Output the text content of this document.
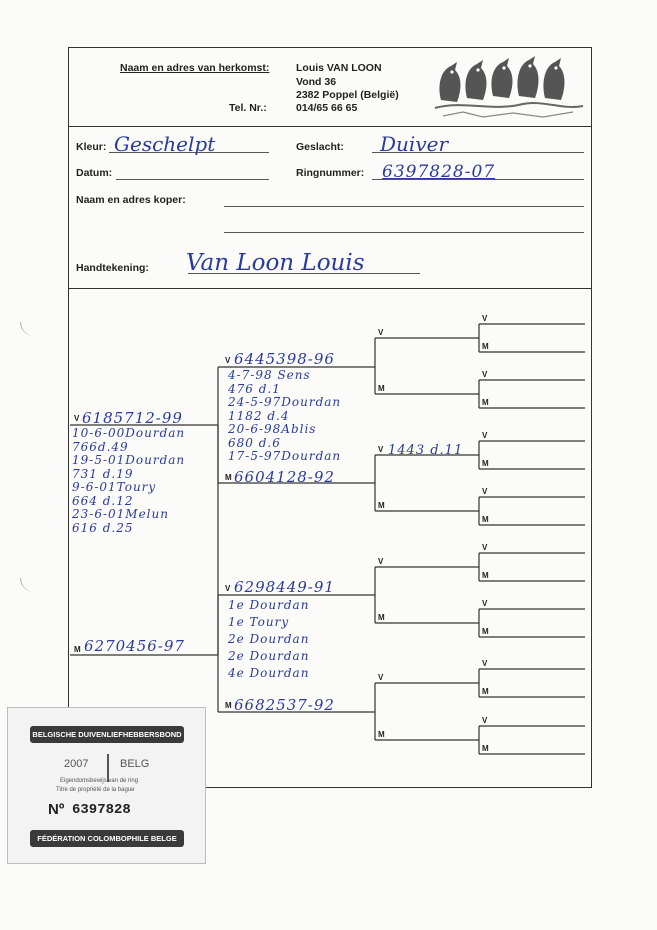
Naam en adres van herkomst:
Tel. Nr.:
Louis VAN LOON
Vond 36
2382 Poppel (België)
014/65 66 65
Kleur: Geschelpt
Datum:
Geslacht: Duiver
Ringnummer: 6397828-07
Naam en adres koper:
Handtekening: Van Loon Louis
V
M
V
M
V
M
V
M
V
M
V
M
V
M
V
M
V
M
V
M
V
M
V
M
V 6185712-99
10-6-00Dourdan
766d.49
19-5-01Dourdan
731 d.19
9-6-01Toury
664 d.12
23-6-01Melun
616 d.25
M 6270456-97
V 6445398-96
4-7-98 Sens
476 d.1
24-5-97Dourdan
1182 d.4
20-6-98Ablis
680 d.6
17-5-97Dourdan
M 6604128-92
1443 d.11
V 6298449-91
1e Dourdan
1e Toury
2e Dourdan
2e Dourdan
4e Dourdan
M 6682537-92
BELGISCHE DUIVENLIEFHEBBERSBOND
2007	BELG
Eigendomsbewijs van de ring
Titre de propriété de la bague
Nº 6397828
FÉDÉRATION COLOMBOPHILE BELGE
